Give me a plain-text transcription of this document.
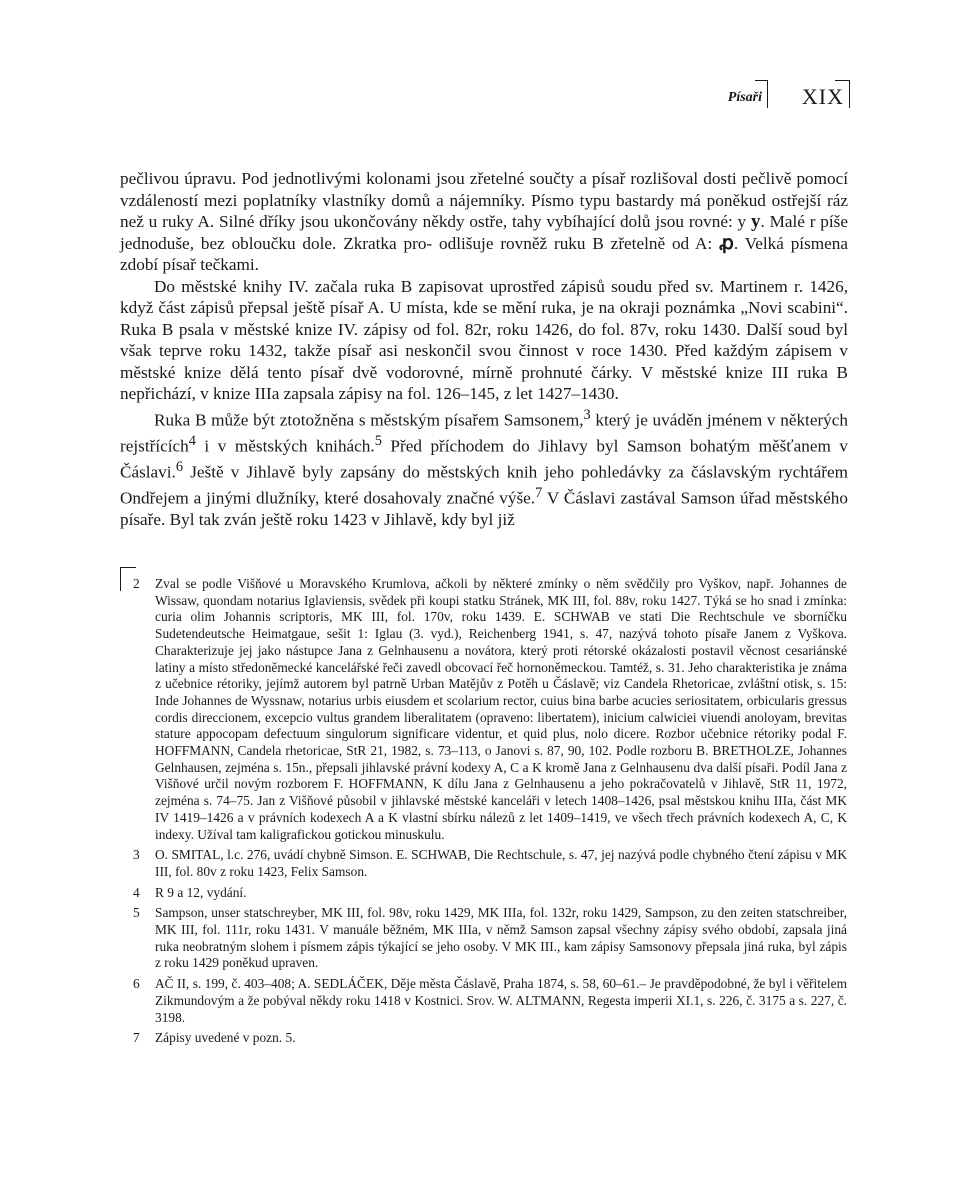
Písaři XIX

pečlivou úpravu. Pod jednotlivými kolonami jsou zřetelné součty a písař rozlišoval dosti pečlivě pomocí vzdáleností mezi poplatníky vlastníky domů a nájemníky. Písmo typu bastardy má poněkud ostřejší ráz než u ruky A. Silné dříky jsou ukončovány někdy ostře, tahy vybíhající dolů jsou rovné: y y. Malé r píše jednoduše, bez obloučku dole. Zkratka pro- odlišuje rovněž ruku B zřetelně od A: ꝓ. Velká písmena zdobí písař tečkami.

Do městské knihy IV. začala ruka B zapisovat uprostřed zápisů soudu před sv. Martinem r. 1426, když část zápisů přepsal ještě písař A. U místa, kde se mění ruka, je na okraji poznámka „Novi scabini“. Ruka B psala v městské knize IV. zápisy od fol. 82r, roku 1426, do fol. 87v, roku 1430. Další soud byl však teprve roku 1432, takže písař asi neskončil svou činnost v roce 1430. Před každým zápisem v městské knize dělá tento písař dvě vodorovné, mírně prohnuté čárky. V městské knize III ruka B nepřichází, v knize IIIa zapsala zápisy na fol. 126–145, z let 1427–1430.

Ruka B může být ztotožněna s městským písařem Samsonem,$^3$ který je uváděn jménem v některých rejstřících$^4$ i v městských knihách.$^5$ Před příchodem do Jihlavy byl Samson bohatým měšťanem v Čáslavi.$^6$ Ještě v Jihlavě byly zapsány do městských knih jeho pohledávky za čáslavským rychtářem Ondřejem a jinými dlužníky, které dosahovaly značné výše.$^7$ V Čáslavi zastával Samson úřad městského písaře. Byl tak zván ještě roku 1423 v Jihlavě, kdy byl již

2	Zval se podle Višňové u Moravského Krumlova, ačkoli by některé zmínky o něm svědčily pro Vyškov, např. Johannes de Wissaw, quondam notarius Iglaviensis, svědek při koupi statku Stránek, MK III, fol. 88v, roku 1427. Týká se ho snad i zmínka: curia olim Johannis scriptoris, MK III, fol. 170v, roku 1439. E. SCHWAB ve stati Die Rechtschule ve sborníčku Sudetendeutsche Heimatgaue, sešit 1: Iglau (3. vyd.), Reichenberg 1941, s. 47, nazývá tohoto písaře Janem z Vyškova. Charakterizuje jej jako nástupce Jana z Gelnhausenu a novátora, který proti rétorské okázalosti postavil věcnost cesariánské latiny a místo středoněmecké kancelářské řeči zavedl obcovací řeč hornoněmeckou. Tamtéž, s. 31. Jeho charakteristika je známa z učebnice rétoriky, jejímž autorem byl patrně Urban Matějův z Potěh u Čáslavě; viz Candela Rhetoricae, zvláštní otisk, s. 15: Inde Johannes de Wyssnaw, notarius urbis eiusdem et scolarium rector, cuius bina barbe acucies seriositatem, orbicularis gressus cordis direccionem, excepcio vultus grandem liberalitatem (opraveno: libertatem), inicium calwiciei viuendi anoloyam, brevitas stature appocopam defectuum singulorum significare videntur, et quid plus, nolo dicere. Rozbor učebnice rétoriky podal F. HOFFMANN, Candela rhetoricae, StR 21, 1982, s. 73–113, o Janovi s. 87, 90, 102. Podle rozboru B. BRETHOLZE, Johannes Gelnhausen, zejména s. 15n., přepsali jihlavské právní kodexy A, C a K kromě Jana z Gelnhausenu dva další písaři. Podíl Jana z Višňové určil novým rozborem F. HOFFMANN, K dílu Jana z Gelnhausenu a jeho pokračovatelů v Jihlavě, StR 11, 1972, zejména s. 74–75. Jan z Višňové působil v jihlavské městské kanceláři v letech 1408–1426, psal městskou knihu IIIa, část MK IV 1419–1426 a v právních kodexech A a K vlastní sbírku nálezů z let 1409–1419, ve všech třech právních kodexech A, C, K indexy. Užíval tam kaligrafickou gotickou minuskulu.
3	O. SMITAL, l.c. 276, uvádí chybně Simson. E. SCHWAB, Die Rechtschule, s. 47, jej nazývá podle chybného čtení zápisu v MK III, fol. 80v z roku 1423, Felix Samson.
4	R 9 a 12, vydání.
5	Sampson, unser statschreyber, MK III, fol. 98v, roku 1429, MK IIIa, fol. 132r, roku 1429, Sampson, zu den zeiten statschreiber, MK III, fol. 111r, roku 1431. V manuále běžném, MK IIIa, v němž Samson zapsal všechny zápisy svého období, zapsala jiná ruka neobratným slohem i písmem zápis týkající se jeho osoby. V MK III., kam zápisy Samsonovy přepsala jiná ruka, byl zápis z roku 1429 poněkud upraven.
6	AČ II, s. 199, č. 403–408; A. SEDLÁČEK, Děje města Čáslavě, Praha 1874, s. 58, 60–61.– Je pravděpodobné, že byl i věřitelem Zikmundovým a že pobýval někdy roku 1418 v Kostnici. Srov. W. ALTMANN, Regesta imperii XI.1, s. 226, č. 3175 a s. 227, č. 3198.
7	Zápisy uvedené v pozn. 5.
